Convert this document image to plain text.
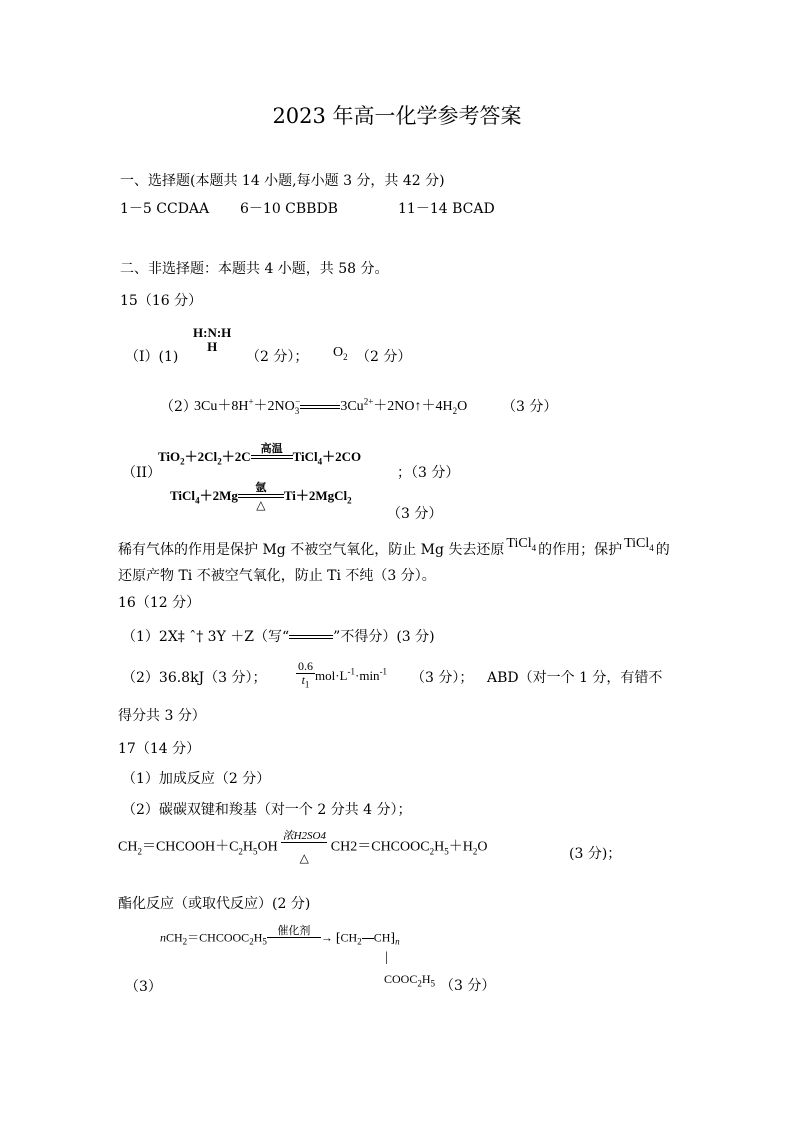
2023 年高一化学参考答案
一、选择题(本题共 14 小题,每小题 3 分，共 42 分)
1－5 CCDAA 6－10 CBBDB	11－14 BCAD
二、非选择题：本题共 4 小题，共 58 分。
15（16 分）
（I）(1)
H:N:H
H
（2 分）； $O_2$ （2 分）
（2）
$3Cu+8H^++2NO_3^-$	$3Cu^{2+}+2NO↑+4H_2O$ （3 分）
（II）
$TiO_2+2Cl_2+2C$ 高温
TiCl$_4$＋2CO
；（3 分）
TiCl$_4$＋2Mg	氩
△
Ti＋2MgCl$_2$
（3 分）
稀有气体的作用是保护 Mg 不被空气氧化，防止 Mg 失去还原 TiCl$_4$ 的作用；保护 TiCl$_4$ 的
还原产物 Ti 不被空气氧化，防止 Ti 不纯（3 分）。
16（12 分）
（1）2X‡ ˆ† 3Y ＋Z（写“	”不得分）(3 分)
（2）36.8kJ（3 分）； $\frac{0.6}{t_1} mol\cdot L^{-1}\cdot\min^{-1}$ （3 分）； ABD（对一个 1 分，有错不
得分共 3 分）
17（14 分）
（1）加成反应（2 分）
（2）碳碳双键和羧基（对一个 2 分共 4 分）；
$CH_2=CHCOOH+C_2H_5OH$
浓H2SO4
△
$CH2=CHCOOC_2H_5+H_2O$	(3 分)；
酯化反应（或取代反应）(2 分)
$nCH_2=CHCOOC_2H_5$
催化剂
→ $⁅CH_2$ $CH⁆_n$
|
$COOC_2H_5$
（3）	（3 分）
